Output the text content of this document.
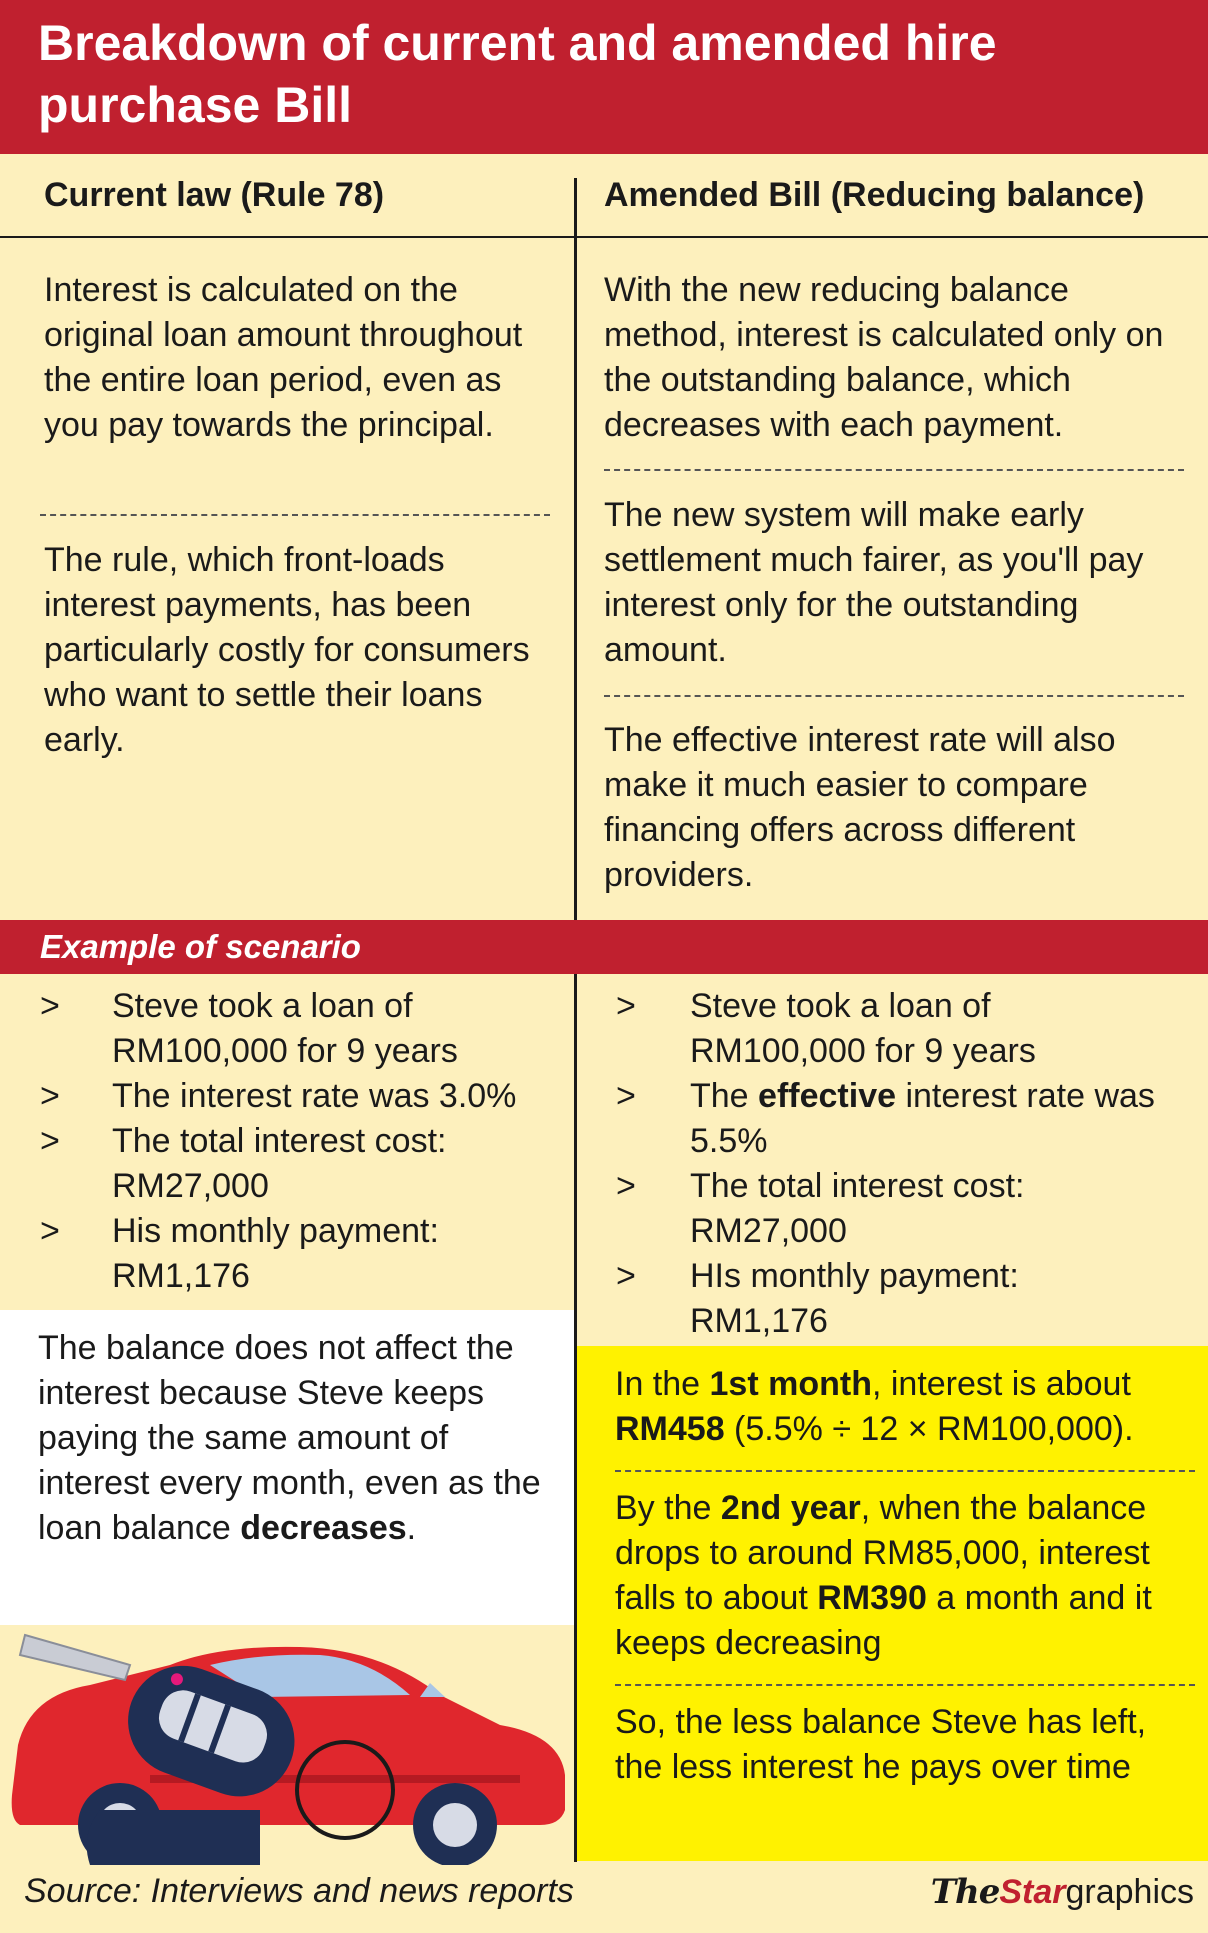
Breakdown of current and amended hire
purchase Bill
Current law (Rule 78)	Amended Bill (Reducing balance)
Interest is calculated on the original loan amount throughout the entire loan period, even as you pay towards the principal.
The rule, which front-loads interest payments, has been particularly costly for consumers who want to settle their loans early.
With the new reducing balance method, interest is calculated only on the outstanding balance, which decreases with each payment.
The new system will make early settlement much fairer, as you'll pay interest only for the outstanding amount.
The effective interest rate will also make it much easier to compare financing offers across different providers.
Example of scenario
> Steve took a loan of RM100,000 for 9 years
> The interest rate was 3.0%
> The total interest cost: RM27,000
> His monthly payment: RM1,176
> Steve took a loan of RM100,000 for 9 years
> The effective interest rate was 5.5%
> The total interest cost: RM27,000
> HIs monthly payment: RM1,176
The balance does not affect the interest because Steve keeps paying the same amount of interest every month, even as the loan balance decreases.

In the 1st month, interest is about RM458 (5.5% ÷ 12 × RM100,000).

By the 2nd year, when the balance drops to around RM85,000, interest falls to about RM390 a month and it keeps decreasing

So, the less balance Steve has left, the less interest he pays over time

Source: Interviews and news reports	TheStargraphics
